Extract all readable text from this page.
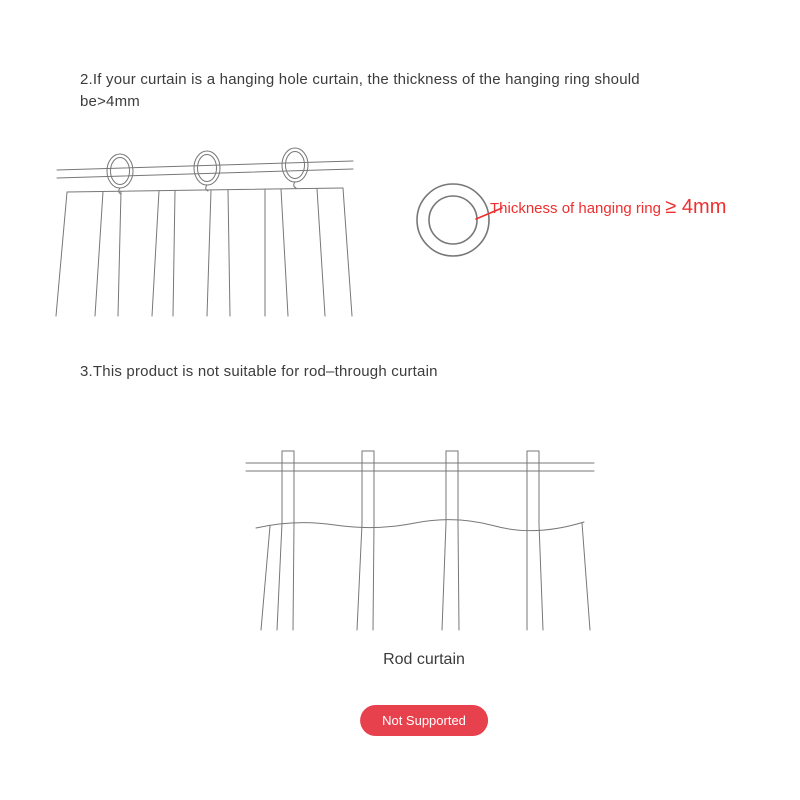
2.If your curtain is a hanging hole curtain, the thickness of the hanging ring should
be>4mm
Thickness of hanging ring ≥ 4mm
3.This product is not suitable for rod–through curtain
Rod curtain
Not Supported
